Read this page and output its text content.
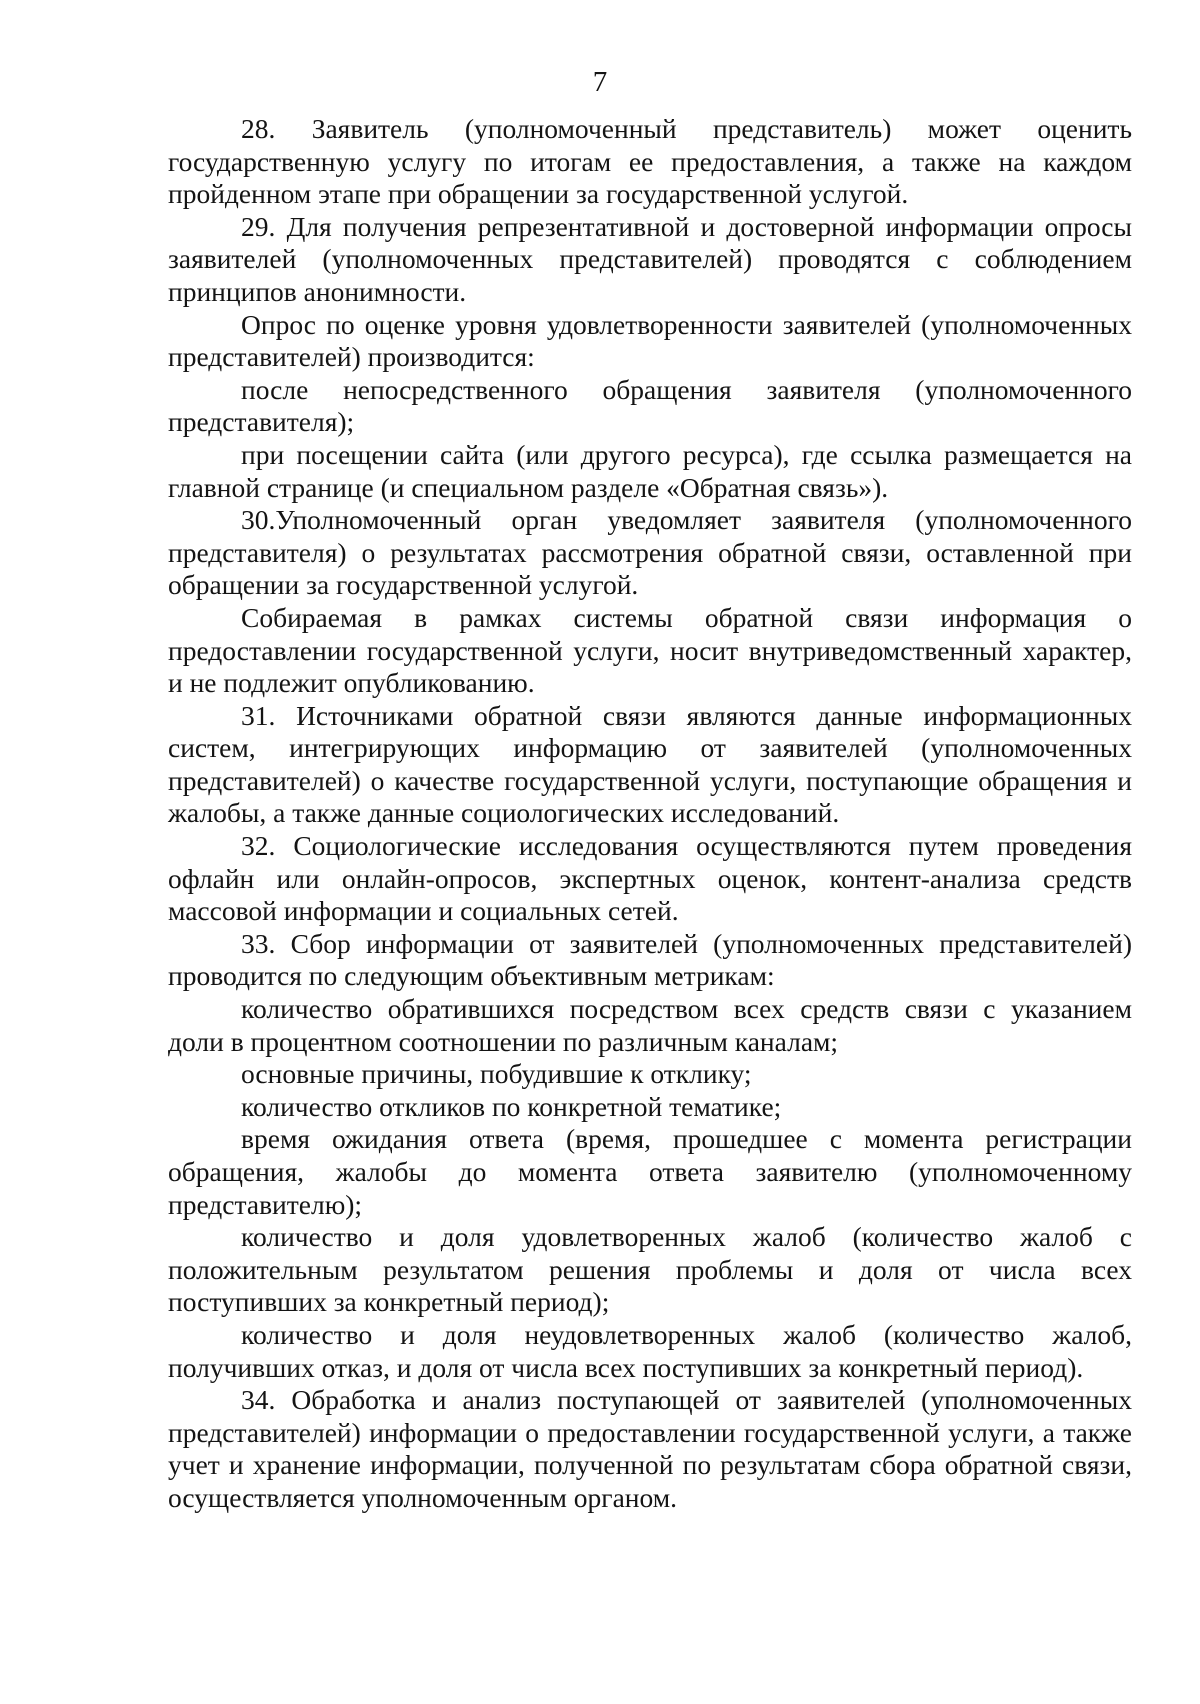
7

28. Заявитель (уполномоченный представитель) может оценить государственную услугу по итогам ее предоставления, а также на каждом пройденном этапе при обращении за государственной услугой.

29. Для получения репрезентативной и достоверной информации опросы заявителей (уполномоченных представителей) проводятся с соблюдением принципов анонимности.

Опрос по оценке уровня удовлетворенности заявителей (уполномоченных представителей) производится:

после непосредственного обращения заявителя (уполномоченного представителя);

при посещении сайта (или другого ресурса), где ссылка размещается на главной странице (и специальном разделе «Обратная связь»).

30.Уполномоченный орган уведомляет заявителя (уполномоченного представителя) о результатах рассмотрения обратной связи, оставленной при обращении за государственной услугой.

Собираемая в рамках системы обратной связи информация о предоставлении государственной услуги, носит внутриведомственный характер, и не подлежит опубликованию.

31. Источниками обратной связи являются данные информационных систем, интегрирующих информацию от заявителей (уполномоченных представителей) о качестве государственной услуги, поступающие обращения и жалобы, а также данные социологических исследований.

32. Социологические исследования осуществляются путем проведения офлайн или онлайн-опросов, экспертных оценок, контент-анализа средств массовой информации и социальных сетей.

33. Сбор информации от заявителей (уполномоченных представителей) проводится по следующим объективным метрикам:

количество обратившихся посредством всех средств связи с указанием доли в процентном соотношении по различным каналам;

основные причины, побудившие к отклику;

количество откликов по конкретной тематике;

время ожидания ответа (время, прошедшее с момента регистрации обращения, жалобы до момента ответа заявителю (уполномоченному представителю);

количество и доля удовлетворенных жалоб (количество жалоб с положительным результатом решения проблемы и доля от числа всех поступивших за конкретный период);

количество и доля неудовлетворенных жалоб (количество жалоб, получивших отказ, и доля от числа всех поступивших за конкретный период).

34. Обработка и анализ поступающей от заявителей (уполномоченных представителей) информации о предоставлении государственной услуги, а также учет и хранение информации, полученной по результатам сбора обратной связи, осуществляется уполномоченным органом.
